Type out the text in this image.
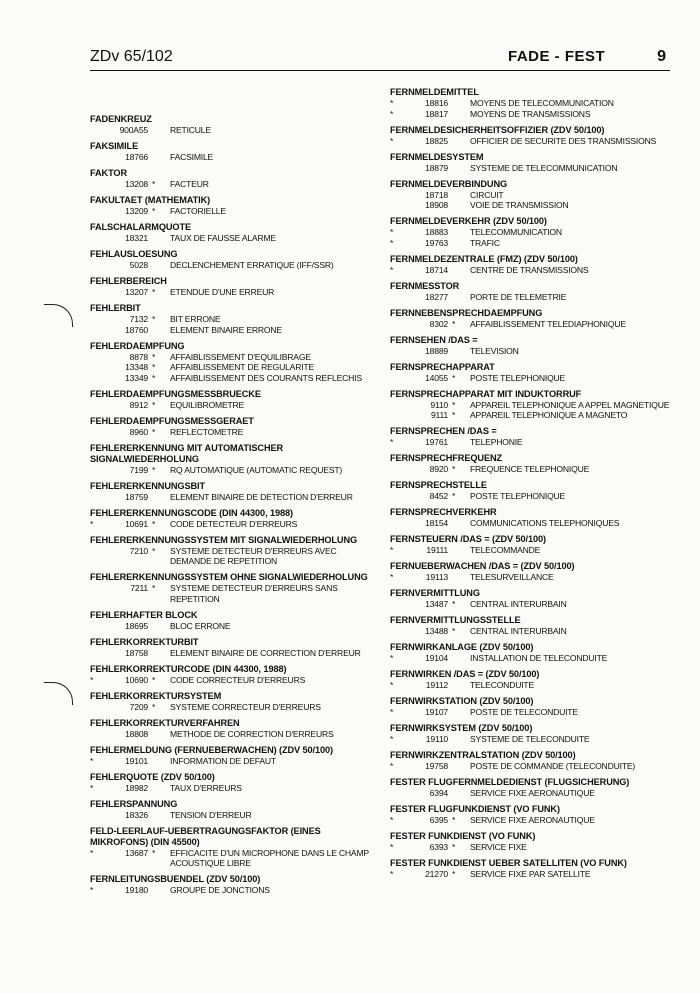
ZDv 65/102	FADE - FEST	9
FADENKREUZ
900A55	RETICULE
FAKSIMILE
18766	FACSIMILE
FAKTOR
13208 * FACTEUR
FAKULTAET (MATHEMATIK)
13209 * FACTORIELLE
FALSCHALARMQUOTE
18321	TAUX DE FAUSSE ALARME
FEHLAUSLOESUNG
5028	DECLENCHEMENT ERRATIQUE (IFF/SSR)
FEHLERBEREICH
13207 * ETENDUE D'UNE ERREUR
FEHLERBIT
7132 * BIT ERRONE
18760	ELEMENT BINAIRE ERRONE
FEHLERDAEMPFUNG
8878 * AFFAIBLISSEMENT D'EQUILIBRAGE
13348 * AFFAIBLISSEMENT DE REGULARITE
13349 * AFFAIBLISSEMENT DES COURANTS REFLECHIS
FEHLERDAEMPFUNGSMESSBRUECKE
8912 * EQUILIBROMETRE
FEHLERDAEMPFUNGSMESSGERAET
8960 * REFLECTOMETRE
FEHLERERKENNUNG MIT AUTOMATISCHER SIGNALWIEDERHOLUNG
7199 * RQ AUTOMATIQUE (AUTOMATIC REQUEST)
FEHLERERKENNUNGSBIT
18759	ELEMENT BINAIRE DE DETECTION D'ERREUR
FEHLERERKENNUNGSCODE (DIN 44300, 1988)
*	10691 * CODE DETECTEUR D'ERREURS
FEHLERERKENNUNGSSYSTEM MIT SIGNALWIEDERHOLUNG
7210 * SYSTEME DETECTEUR D'ERREURS AVEC DEMANDE DE REPETITION
FEHLERERKENNUNGSSYSTEM OHNE SIGNALWIEDERHOLUNG
7211 * SYSTEME DETECTEUR D'ERREURS SANS REPETITION
FEHLERHAFTER BLOCK
18695	BLOC ERRONE
FEHLERKORREKTURBIT
18758	ELEMENT BINAIRE DE CORRECTION D'ERREUR
FEHLERKORREKTURCODE (DIN 44300, 1988)
*	10690 * CODE CORRECTEUR D'ERREURS
FEHLERKORREKTURSYSTEM
7209 * SYSTEME CORRECTEUR D'ERREURS
FEHLERKORREKTURVERFAHREN
18808	METHODE DE CORRECTION D'ERREURS
FEHLERMELDUNG (FERNUEBERWACHEN) (ZDV 50/100)
*	19101	INFORMATION DE DEFAUT
FEHLERQUOTE (ZDV 50/100)
*	18982	TAUX D'ERREURS
FEHLERSPANNUNG
18326	TENSION D'ERREUR
FELD-LEERLAUF-UEBERTRAGUNGSFAKTOR (EINES MIKROFONS) (DIN 45500)
*	13687 * EFFICACITE D'UN MICROPHONE DANS LE CHAMP ACOUSTIQUE LIBRE
FERNLEITUNGSBUENDEL (ZDV 50/100)
*	19180	GROUPE DE JONCTIONS
FERNMELDEMITTEL
*	18816	MOYENS DE TELECOMMUNICATION
*	18817	MOYENS DE TRANSMISSIONS
FERNMELDESICHERHEITSOFFIZIER (ZDV 50/100)
*	18825	OFFICIER DE SECURITE DES TRANSMISSIONS
FERNMELDESYSTEM
18879	SYSTEME DE TELECOMMUNICATION
FERNMELDEVERBINDUNG
18718	CIRCUIT
18908	VOIE DE TRANSMISSION
FERNMELDEVERKEHR (ZDV 50/100)
*	18883	TELECOMMUNICATION
*	19763	TRAFIC
FERNMELDEZENTRALE (FMZ) (ZDV 50/100)
*	18714	CENTRE DE TRANSMISSIONS
FERNMESSTOR
18277	PORTE DE TELEMETRIE
FERNNEBENSPRECHDAEMPFUNG
8302 * AFFAIBLISSEMENT TELEDIAPHONIQUE
FERNSEHEN /DAS =
18889	TELEVISION
FERNSPRECHAPPARAT
14055 * POSTE TELEPHONIQUE
FERNSPRECHAPPARAT MIT INDUKTORRUF
9110 * APPAREIL TELEPHONIQUE A APPEL MAGNETIQUE
9111 * APPAREIL TELEPHONIQUE A MAGNETO
FERNSPRECHEN /DAS =
*	19761	TELEPHONIE
FERNSPRECHFREQUENZ
8920 * FREQUENCE TELEPHONIQUE
FERNSPRECHSTELLE
8452 * POSTE TELEPHONIQUE
FERNSPRECHVERKEHR
18154	COMMUNICATIONS TELEPHONIQUES
FERNSTEUERN /DAS = (ZDV 50/100)
*	19111	TELECOMMANDE
FERNUEBERWACHEN /DAS = (ZDV 50/100)
*	19113	TELESURVEILLANCE
FERNVERMITTLUNG
13487 * CENTRAL INTERURBAIN
FERNVERMITTLUNGSSTELLE
13488 * CENTRAL INTERURBAIN
FERNWIRKANLAGE (ZDV 50/100)
*	19104	INSTALLATION DE TELECONDUITE
FERNWIRKEN /DAS = (ZDV 50/100)
*	19112	TELECONDUITE
FERNWIRKSTATION (ZDV 50/100)
*	19107	POSTE DE TELECONDUITE
FERNWIRKSYSTEM (ZDV 50/100)
*	19110	SYSTEME DE TELECONDUITE
FERNWIRKZENTRALSTATION (ZDV 50/100)
*	19758	POSTE DE COMMANDE (TELECONDUITE)
FESTER FLUGFERNMELDEDIENST (FLUGSICHERUNG)
6394	SERVICE FIXE AERONAUTIQUE
FESTER FLUGFUNKDIENST (VO FUNK)
*	6395 * SERVICE FIXE AERONAUTIQUE
FESTER FUNKDIENST (VO FUNK)
*	6393 * SERVICE FIXE
FESTER FUNKDIENST UEBER SATELLITEN (VO FUNK)
*	21270 * SERVICE FIXE PAR SATELLITE
